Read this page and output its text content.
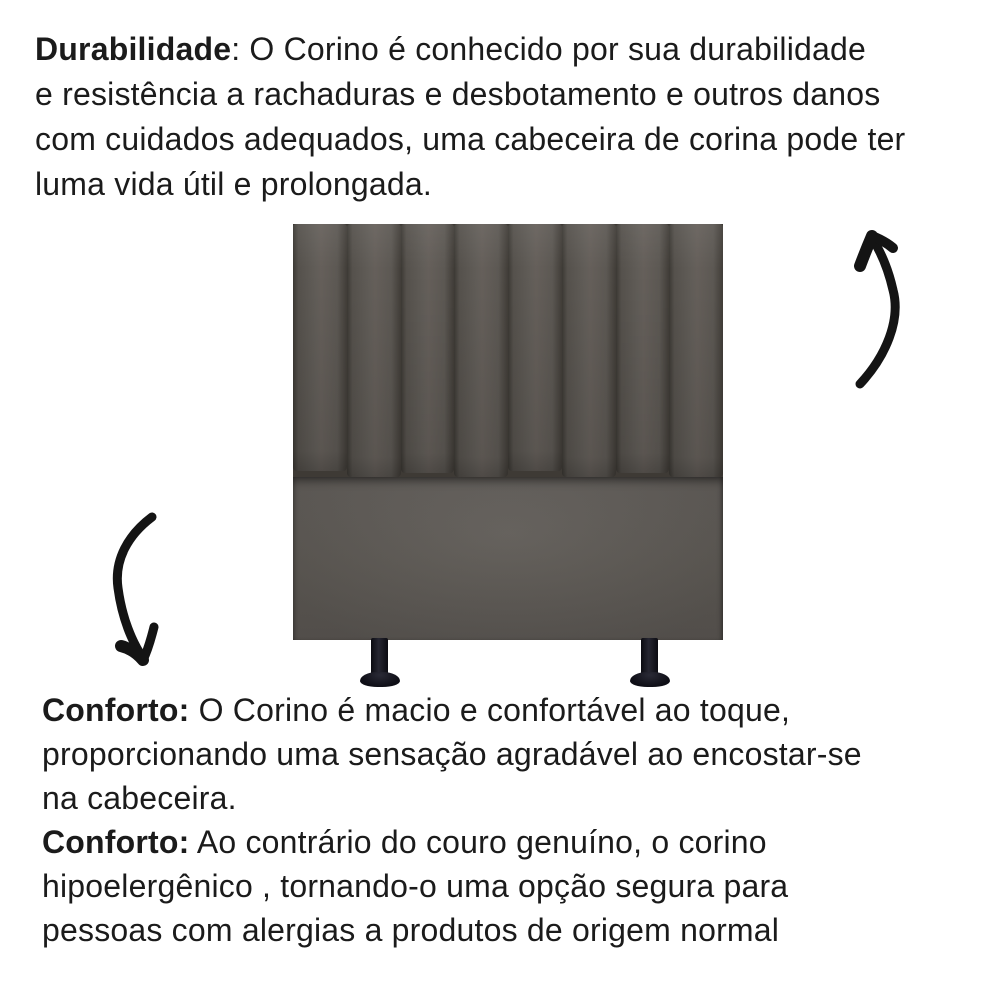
Durabilidade: O Corino é conhecido por sua durabilidade
e resistência a rachaduras e desbotamento e outros danos
com cuidados adequados, uma cabeceira de corina pode ter
luma vida útil e prolongada.
Conforto: O Corino é macio e confortável ao toque,
proporcionando uma sensação agradável ao encostar-se
na cabeceira.
Conforto: Ao contrário do couro genuíno, o corino
hipoelergênico , tornando-o uma opção segura para
pessoas com alergias a produtos de origem normal
